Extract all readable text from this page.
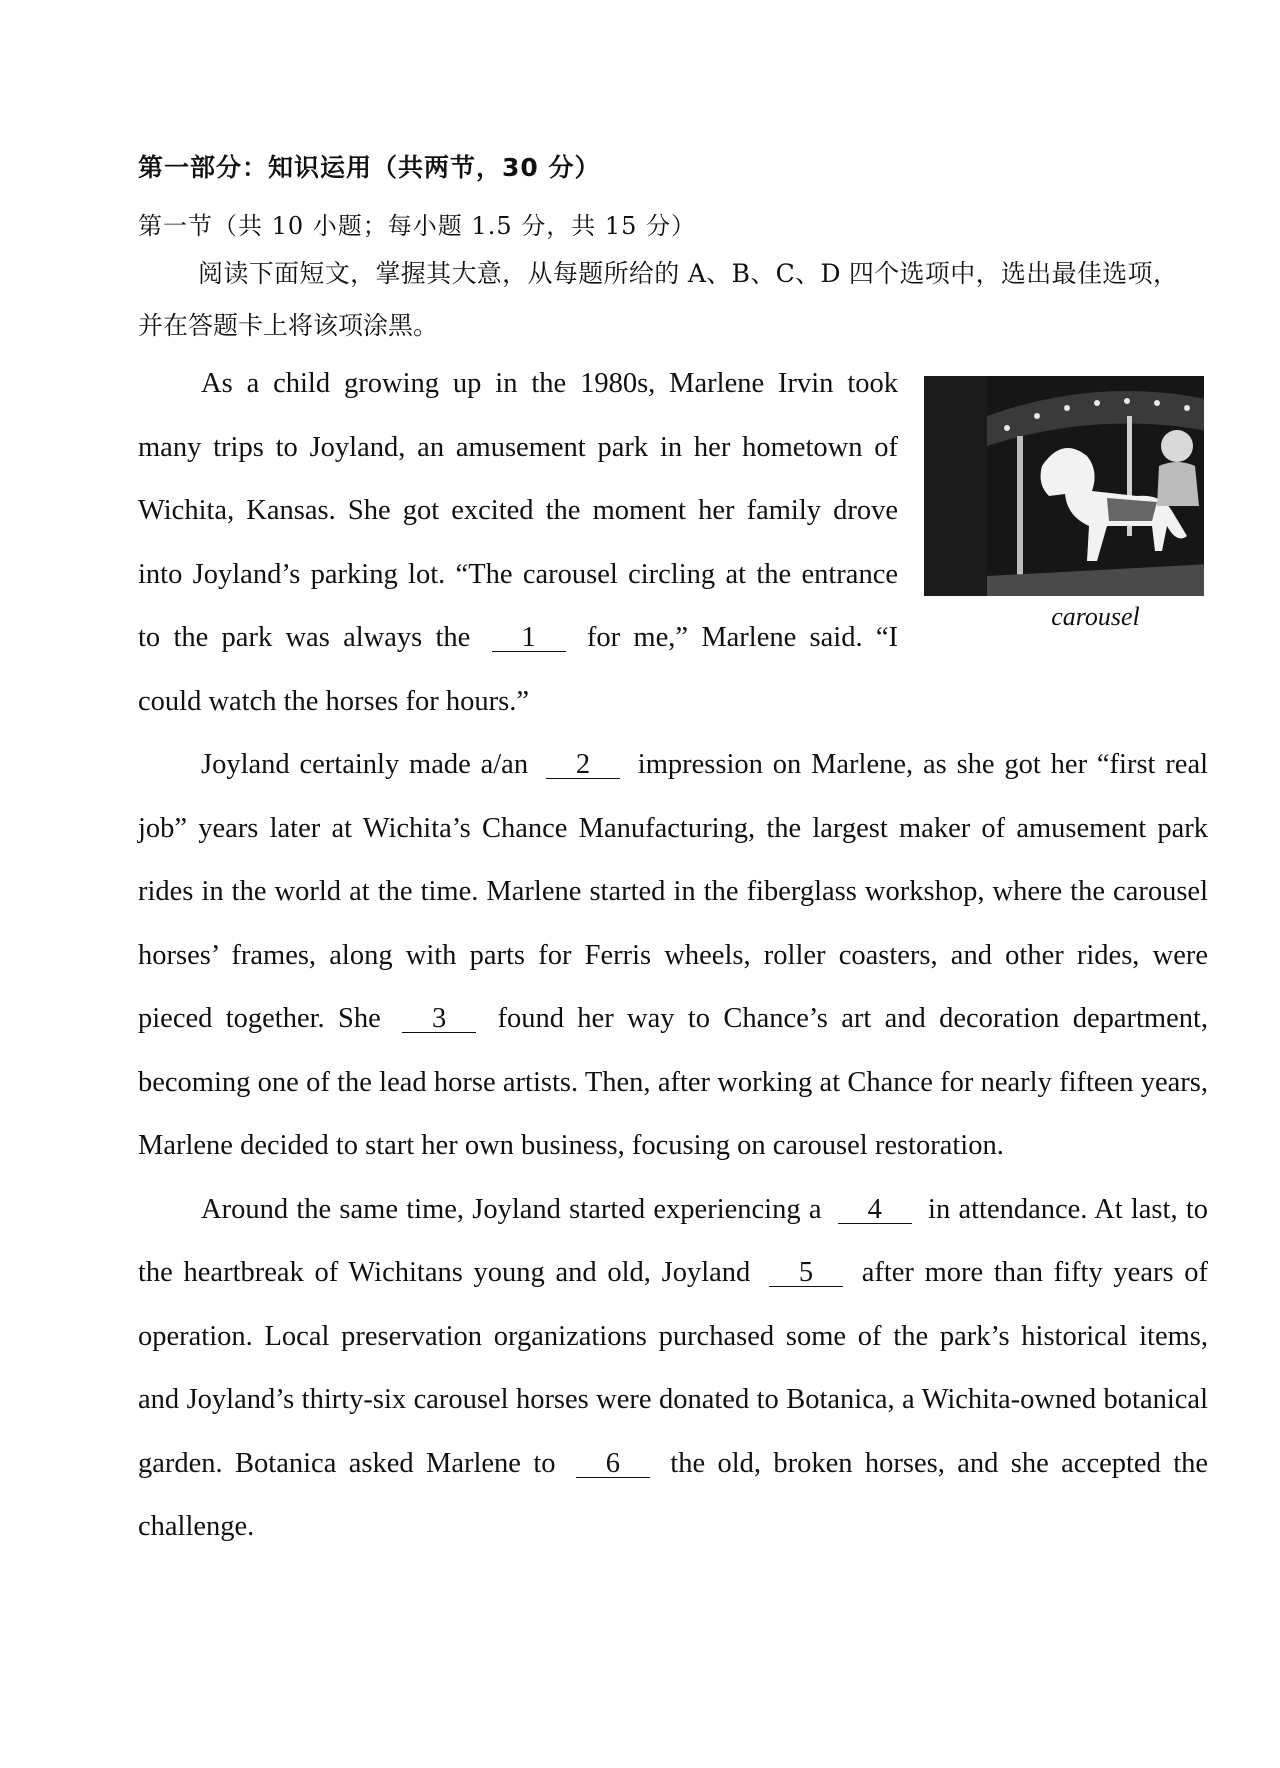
第一部分：知识运用（共两节，30 分）
第一节（共 10 小题；每小题 1.5 分，共 15 分）
阅读下面短文，掌握其大意，从每题所给的 A、B、C、D 四个选项中，选出最佳选项，并在答题卡上将该项涂黑。

carousel
As a child growing up in the 1980s, Marlene Irvin took many trips to Joyland, an amusement park in her hometown of Wichita, Kansas. She got excited the moment her family drove into Joyland’s parking lot. “The carousel circling at the entrance to the park was always the 1 for me,” Marlene said. “I could watch the horses for hours.”

Joyland certainly made a/an 2 impression on Marlene, as she got her “first real job” years later at Wichita’s Chance Manufacturing, the largest maker of amusement park rides in the world at the time. Marlene started in the fiberglass workshop, where the carousel horses’ frames, along with parts for Ferris wheels, roller coasters, and other rides, were pieced together. She 3 found her way to Chance’s art and decoration department, becoming one of the lead horse artists. Then, after working at Chance for nearly fifteen years, Marlene decided to start her own business, focusing on carousel restoration.

Around the same time, Joyland started experiencing a 4 in attendance. At last, to the heartbreak of Wichitans young and old, Joyland 5 after more than fifty years of operation. Local preservation organizations purchased some of the park’s historical items, and Joyland’s thirty-six carousel horses were donated to Botanica, a Wichita-owned botanical garden. Botanica asked Marlene to 6 the old, broken horses, and she accepted the challenge.
